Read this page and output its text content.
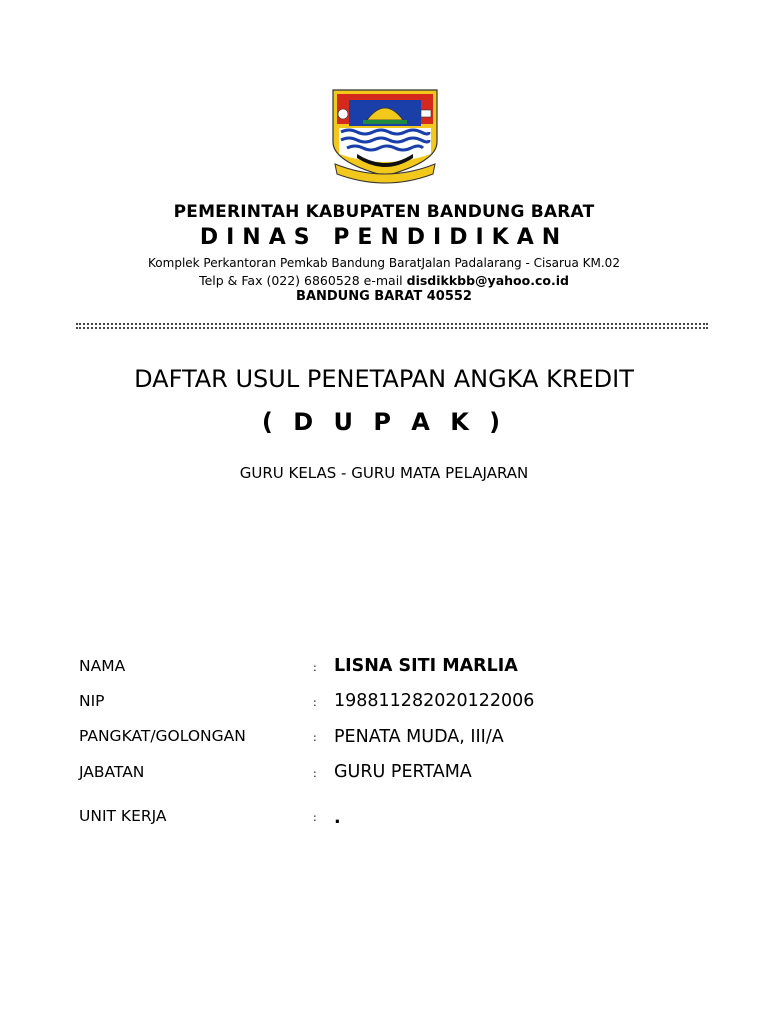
PEMERINTAH KABUPATEN BANDUNG BARAT
DINAS PENDIDIKAN
Komplek Perkantoran Pemkab Bandung BaratJalan Padalarang - Cisarua KM.02
Telp & Fax (022) 6860528 e-mail disdikkbb@yahoo.co.id
BANDUNG BARAT 40552
DAFTAR USUL PENETAPAN ANGKA KREDIT
( D U P A K )
GURU KELAS - GURU MATA PELAJARAN
NAMA	: LISNA SITI MARLIA
NIP	: 198811282020122006
PANGKAT/GOLONGAN	: PENATA MUDA, III/A
JABATAN	: GURU PERTAMA
UNIT KERJA	: .
